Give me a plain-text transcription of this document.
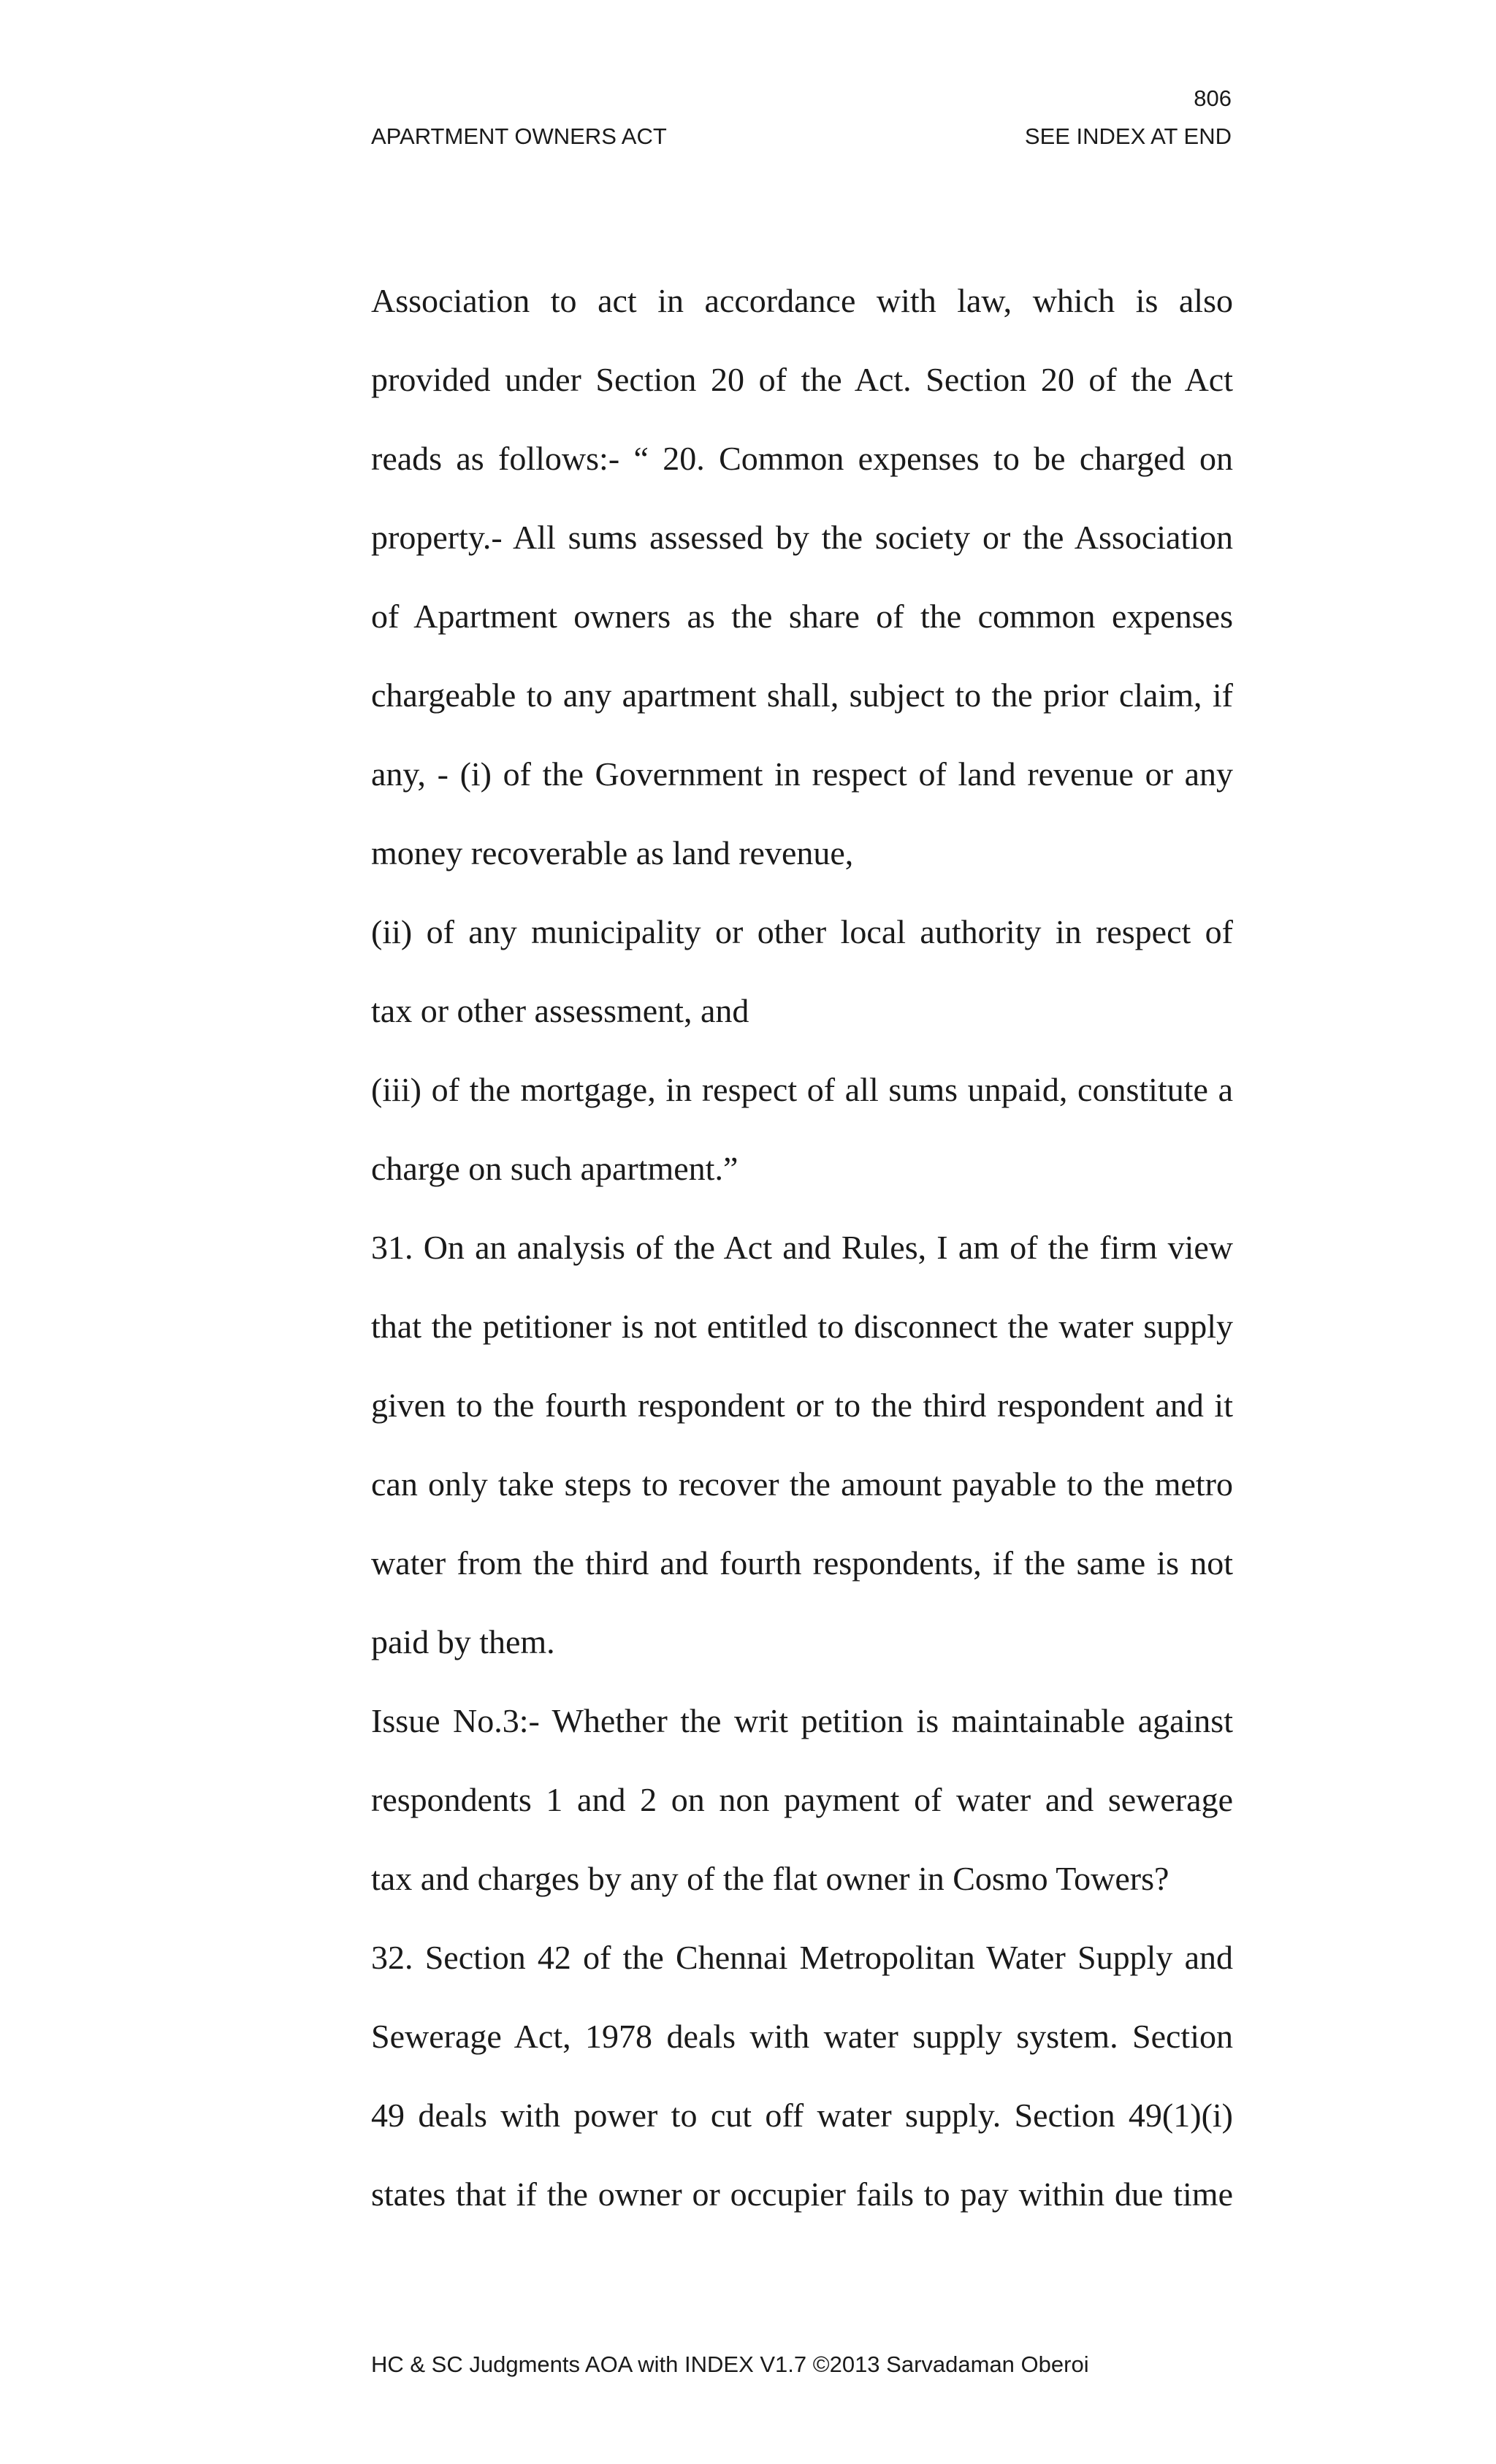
806
APARTMENT OWNERS ACT	SEE INDEX AT END
Association to act in accordance with law, which is also
provided under Section 20 of the Act. Section 20 of the Act
reads as follows:- “ 20. Common expenses to be charged on
property.- All sums assessed by the society or the Association
of Apartment owners as the share of the common expenses
chargeable to any apartment shall, subject to the prior claim, if
any, - (i) of the Government in respect of land revenue or any
money recoverable as land revenue,
(ii) of any municipality or other local authority in respect of
tax or other assessment, and
(iii) of the mortgage, in respect of all sums unpaid, constitute a
charge on such apartment.”
31. On an analysis of the Act and Rules, I am of the firm view
that the petitioner is not entitled to disconnect the water supply
given to the fourth respondent or to the third respondent and it
can only take steps to recover the amount payable to the metro
water from the third and fourth respondents, if the same is not
paid by them.
Issue No.3:- Whether the writ petition is maintainable against
respondents 1 and 2 on non payment of water and sewerage
tax and charges by any of the flat owner in Cosmo Towers?
32. Section 42 of the Chennai Metropolitan Water Supply and
Sewerage Act, 1978 deals with water supply system. Section
49 deals with power to cut off water supply. Section 49(1)(i)
states that if the owner or occupier fails to pay within due time
HC & SC Judgments AOA with INDEX V1.7 ©2013 Sarvadaman Oberoi
